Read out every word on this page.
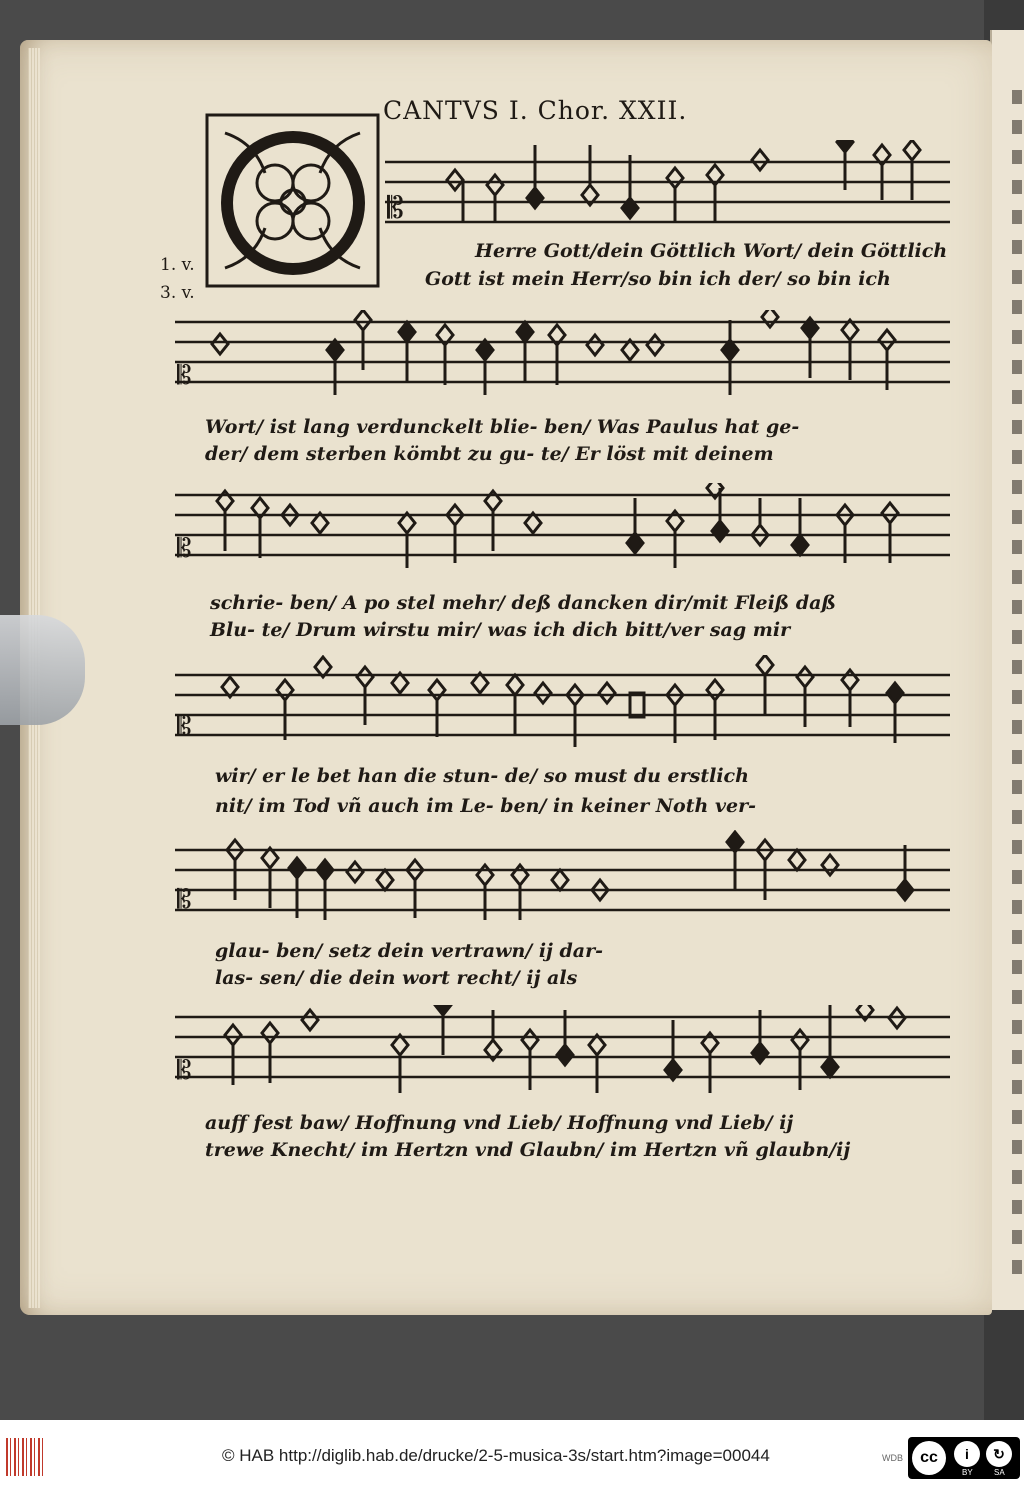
CANTVS I. Chor. XXII.
1. v.
3. v.
𝄡
Herre Gott/dein Göttlich Wort/ dein Göttlich
Gott ist mein Herr/so bin ich der/ so bin ich
𝄡
Wort/ ist lang verdunckelt blie- ben/ Was Paulus hat ge-
der/ dem sterben kömbt zu gu- te/ Er löst mit deinem
𝄡
schrie- ben/ A po stel mehr/ deß dancken dir/mit Fleiß daß
Blu- te/ Drum wirstu mir/ was ich dich bitt/ver sag mir
𝄡
wir/ er le bet han die stun- de/ so must du erstlich
nit/ im Tod vñ auch im Le- ben/ in keiner Noth ver-
𝄡
glau- ben/ setz dein vertrawn/ ij dar-
las- sen/ die dein wort recht/ ij als
𝄡
auff fest baw/ Hoffnung vnd Lieb/ Hoffnung vnd Lieb/ ij
trewe Knecht/ im Hertzn vnd Glaubn/ im Hertzn vñ glaubn/ij
© HAB http://diglib.hab.de/drucke/2-5-musica-3s/start.htm?image=00044	WDB	cc	i	↻
BY	SA
